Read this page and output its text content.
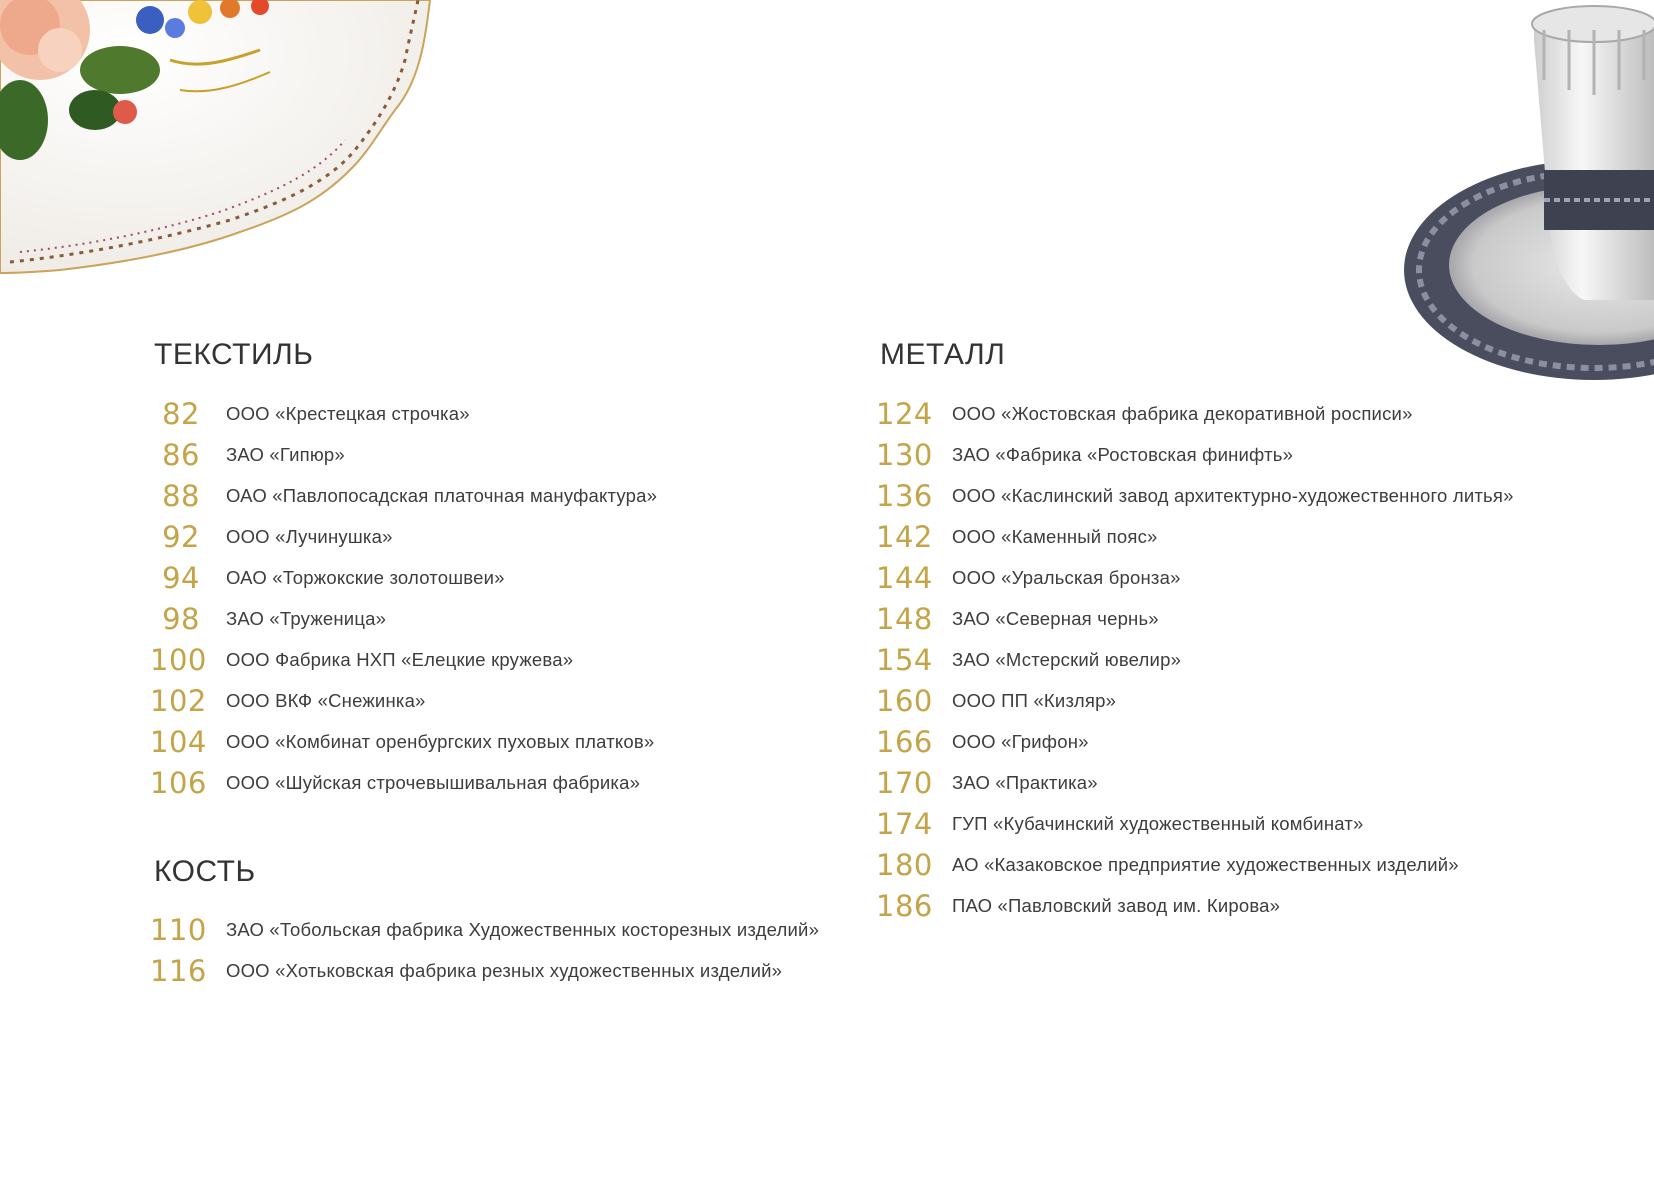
ТЕКСТИЛЬ
82 ООО «Крестецкая строчка»
86 ЗАО «Гипюр»
88 ОАО «Павлопосадская платочная мануфактура»
92 ООО «Лучинушка»
94 ОАО «Торжокские золотошвеи»
98 ЗАО «Труженица»
100 ООО Фабрика НХП «Елецкие кружева»
102 ООО ВКФ «Снежинка»
104 ООО «Комбинат оренбургских пуховых платков»
106 ООО «Шуйская строчевышивальная фабрика»
КОСТЬ
110 ЗАО «Тобольская фабрика Художественных косторезных изделий»
116 ООО «Хотьковская фабрика резных художественных изделий»
МЕТАЛЛ
124 ООО «Жостовская фабрика декоративной росписи»
130 ЗАО «Фабрика «Ростовская финифть»
136 ООО «Каслинский завод архитектурно-художественного литья»
142 ООО «Каменный пояс»
144 ООО «Уральская бронза»
148 ЗАО «Северная чернь»
154 ЗАО «Мстерский ювелир»
160 ООО ПП «Кизляр»
166 ООО «Грифон»
170 ЗАО «Практика»
174 ГУП «Кубачинский художественный комбинат»
180 АО «Казаковское предприятие художественных изделий»
186 ПАО «Павловский завод им. Кирова»
